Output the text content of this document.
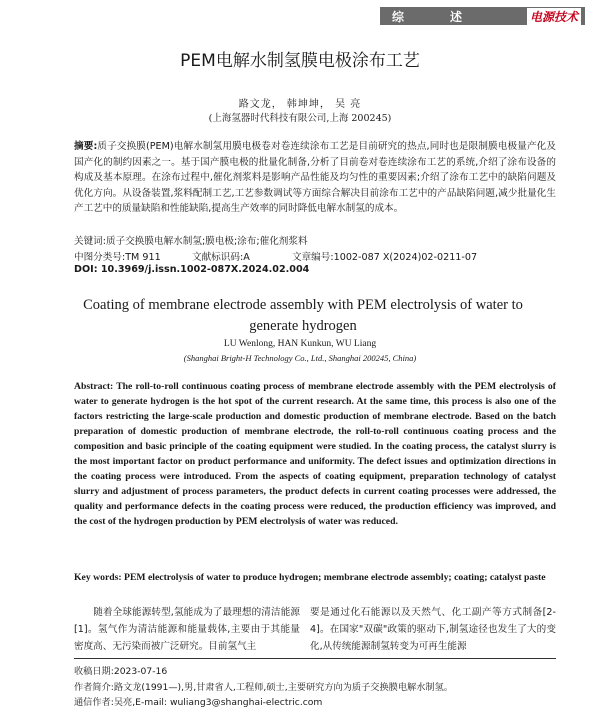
综	述	电源技术
PEM电解水制氢膜电极涂布工艺
路文龙， 韩坤坤， 吴 亮
(上海氢器时代科技有限公司,上海 200245)
摘要:质子交换膜(PEM)电解水制氢用膜电极卷对卷连续涂布工艺是目前研究的热点,同时也是限制膜电极量产化及国产化的制约因素之一。基于国产膜电极的批量化制备,分析了目前卷对卷连续涂布工艺的系统,介绍了涂布设备的构成及基本原理。在涂布过程中,催化剂浆料是影响产品性能及均匀性的重要因素;介绍了涂布工艺中的缺陷问题及优化方向。从设备装置,浆料配制工艺,工艺参数调试等方面综合解决目前涂布工艺中的产品缺陷问题,减少批量化生产工艺中的质量缺陷和性能缺陷,提高生产效率的同时降低电解水制氢的成本。
关键词:质子交换膜电解水制氢;膜电极;涂布;催化剂浆料
中图分类号:TM 911	文献标识码:A	文章编号:1002-087 X(2024)02-0211-07
DOI: 10.3969/j.issn.1002-087X.2024.02.004
Coating of membrane electrode assembly with PEM electrolysis of water to generate hydrogen
LU Wenlong, HAN Kunkun, WU Liang
(Shanghai Bright-H Technology Co., Ltd., Shanghai 200245, China)
Abstract: The roll-to-roll continuous coating process of membrane electrode assembly with the PEM electrolysis of water to generate hydrogen is the hot spot of the current research. At the same time, this process is also one of the factors restricting the large-scale production and domestic production of membrane electrode. Based on the batch preparation of domestic production of membrane electrode, the roll-to-roll continuous coating process and the composition and basic principle of the coating equipment were studied. In the coating process, the catalyst slurry is the most important factor on product performance and uniformity. The defect issues and optimization directions in the coating process were introduced. From the aspects of coating equipment, preparation technology of catalyst slurry and adjustment of process parameters, the product defects in current coating processes were addressed, the quality and performance defects in the coating process were reduced, the production efficiency was improved, and the cost of the hydrogen production by PEM electrolysis of water was reduced.
Key words: PEM electrolysis of water to produce hydrogen; membrane electrode assembly; coating; catalyst paste
随着全球能源转型,氢能成为了最理想的清洁能源[1]。氢气作为清洁能源和能量载体,主要由于其能量密度高、无污染而被广泛研究。目前氢气主
要是通过化石能源以及天然气、化工副产等方式制备[2-4]。在国家"双碳"政策的驱动下,制氢途径也发生了大的变化,从传统能源制氢转变为可再生能源
收稿日期:2023-07-16
作者简介:路文龙(1991—),男,甘肃省人,工程师,硕士,主要研究方向为质子交换膜电解水制氢。
通信作者:吴亮,E-mail: wuliang3@shanghai-electric.com
